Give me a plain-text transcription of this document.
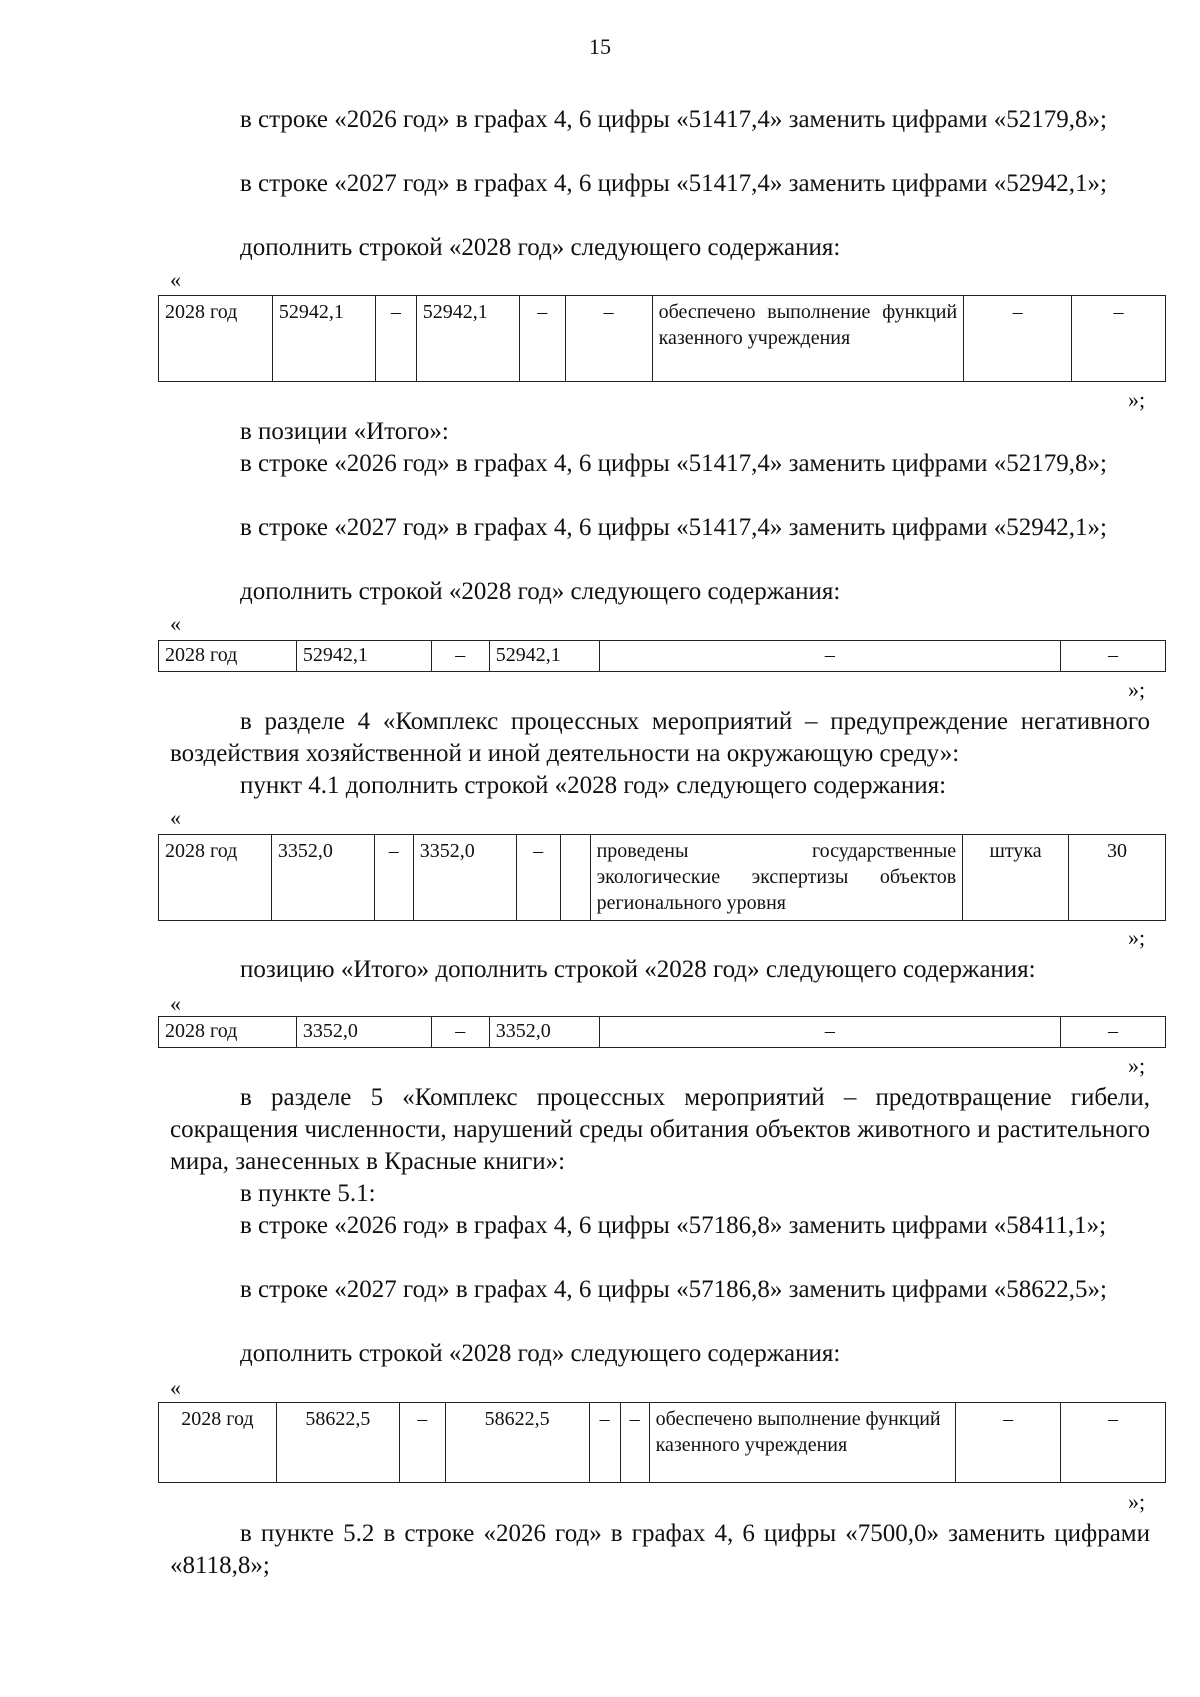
15
в строке «2026 год» в графах 4, 6 цифры «51417,4» заменить цифрами «52179,8»;
в строке «2027 год» в графах 4, 6 цифры «51417,4» заменить цифрами «52942,1»;
дополнить строкой «2028 год» следующего содержания:
«
2028 год	52942,1	–	52942,1	–	–	обеспечено выполнение функций казенного учреждения	–	–
»;
в позиции «Итого»:
в строке «2026 год» в графах 4, 6 цифры «51417,4» заменить цифрами «52179,8»;
в строке «2027 год» в графах 4, 6 цифры «51417,4» заменить цифрами «52942,1»;
дополнить строкой «2028 год» следующего содержания:
«
2028 год	52942,1	–	52942,1	–	–
»;
в разделе 4 «Комплекс процессных мероприятий – предупреждение негативного воздействия хозяйственной и иной деятельности на окружающую среду»:
пункт 4.1 дополнить строкой «2028 год» следующего содержания:
«
2028 год	3352,0	–	3352,0	–		проведены государственные экологические экспертизы объектов регионального уровня	штука	30
»;
позицию «Итого» дополнить строкой «2028 год» следующего содержания:
«
2028 год	3352,0	–	3352,0	–	–
»;
в разделе 5 «Комплекс процессных мероприятий – предотвращение гибели, сокращения численности, нарушений среды обитания объектов животного и растительного мира, занесенных в Красные книги»:
в пункте 5.1:
в строке «2026 год» в графах 4, 6 цифры «57186,8» заменить цифрами «58411,1»;
в строке «2027 год» в графах 4, 6 цифры «57186,8» заменить цифрами «58622,5»;
дополнить строкой «2028 год» следующего содержания:
«
2028 год	58622,5	–	58622,5	–	–	обеспечено выполнение функций казенного учреждения	–	–
»;
в пункте 5.2 в строке «2026 год» в графах 4, 6 цифры «7500,0» заменить цифрами «8118,8»;
